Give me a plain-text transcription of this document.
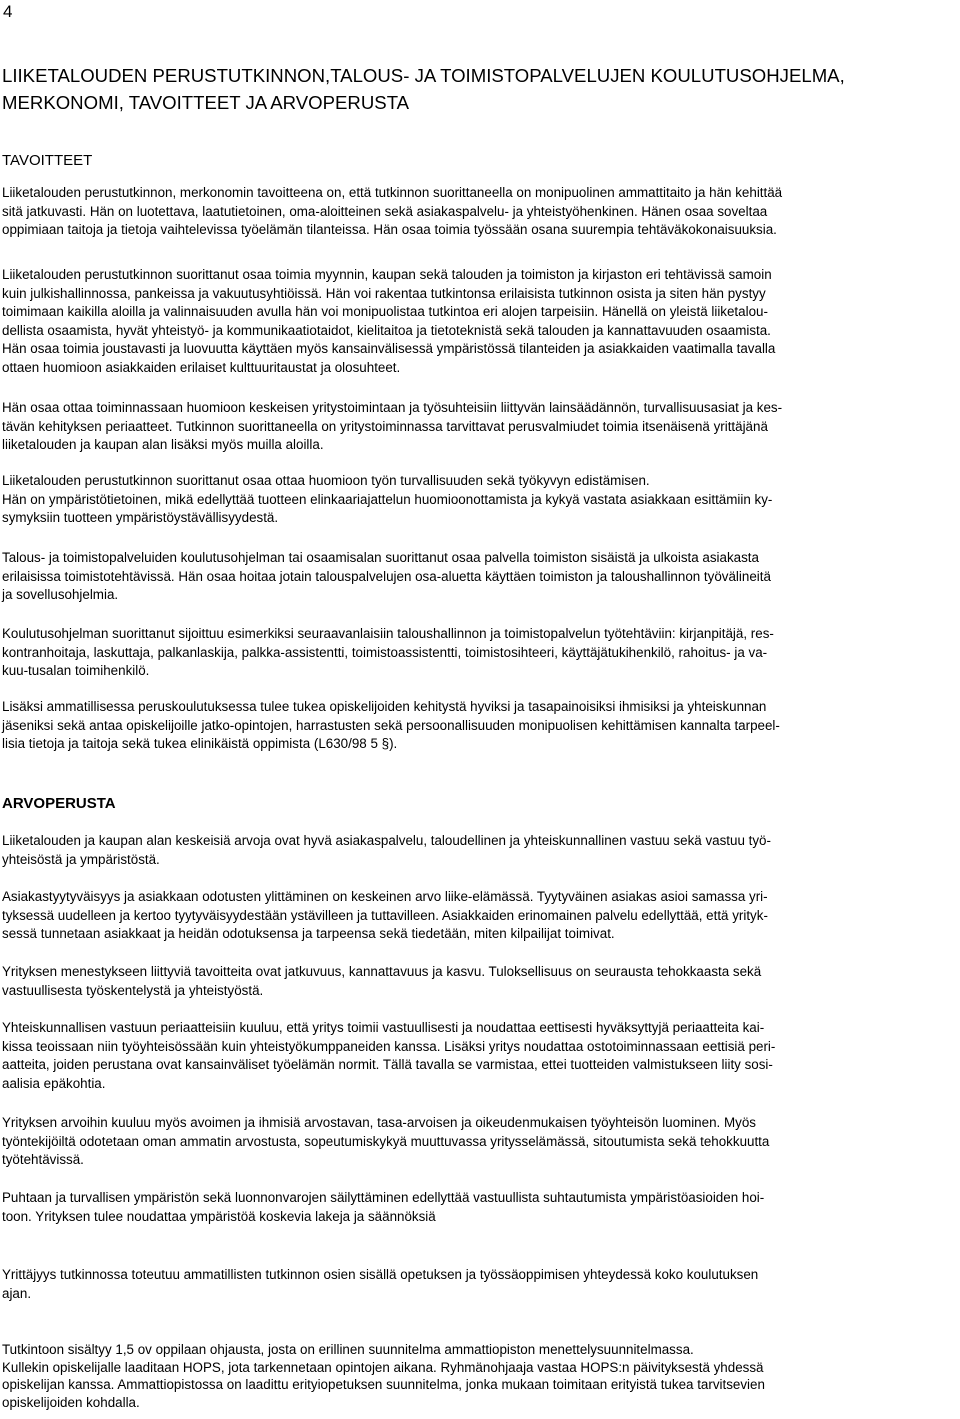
4
LIIKETALOUDEN PERUSTUTKINNON,TALOUS- JA TOIMISTOPALVELUJEN KOULUTUSOHJELMA,
MERKONOMI, TAVOITTEET JA ARVOPERUSTA
TAVOITTEET

Liiketalouden perustutkinnon, merkonomin tavoitteena on, että tutkinnon suorittaneella on monipuolinen ammattitaito ja hän kehittää
sitä jatkuvasti. Hän on luotettava, laatutietoinen, oma-aloitteinen sekä asiakaspalvelu- ja yhteistyöhenkinen. Hänen osaa soveltaa
oppimiaan taitoja ja tietoja vaihtelevissa työelämän tilanteissa. Hän osaa toimia työssään osana suurempia tehtäväkokonaisuuksia.

Liiketalouden perustutkinnon suorittanut osaa toimia myynnin, kaupan sekä talouden ja toimiston ja kirjaston eri tehtävissä samoin
kuin julkishallinnossa, pankeissa ja vakuutusyhtiöissä. Hän voi rakentaa tutkintonsa erilaisista tutkinnon osista ja siten hän pystyy
toimimaan kaikilla aloilla ja valinnaisuuden avulla hän voi monipuolistaa tutkintoa eri alojen tarpeisiin. Hänellä on yleistä liiketalou-
dellista osaamista, hyvät yhteistyö- ja kommunikaatiotaidot, kielitaitoa ja tietoteknistä sekä talouden ja kannattavuuden osaamista.
Hän osaa toimia joustavasti ja luovuutta käyttäen myös kansainvälisessä ympäristössä tilanteiden ja asiakkaiden vaatimalla tavalla
ottaen huomioon asiakkaiden erilaiset kulttuuritaustat ja olosuhteet.

Hän osaa ottaa toiminnassaan huomioon keskeisen yritystoimintaan ja työsuhteisiin liittyvän lainsäädännön, turvallisuusasiat ja kes-
tävän kehityksen periaatteet. Tutkinnon suorittaneella on yritystoiminnassa tarvittavat perusvalmiudet toimia itsenäisenä yrittäjänä
liiketalouden ja kaupan alan lisäksi myös muilla aloilla.

Liiketalouden perustutkinnon suorittanut osaa ottaa huomioon työn turvallisuuden sekä työkyvyn edistämisen.
Hän on ympäristötietoinen, mikä edellyttää tuotteen elinkaariajattelun huomioonottamista ja kykyä vastata asiakkaan esittämiin ky-
symyksiin tuotteen ympäristöystävällisyydestä.

Talous- ja toimistopalveluiden koulutusohjelman tai osaamisalan suorittanut osaa palvella toimiston sisäistä ja ulkoista asiakasta
erilaisissa toimistotehtävissä. Hän osaa hoitaa jotain talouspalvelujen osa-aluetta käyttäen toimiston ja taloushallinnon työvälineitä
ja sovellusohjelmia.

Koulutusohjelman suorittanut sijoittuu esimerkiksi seuraavanlaisiin taloushallinnon ja toimistopalvelun työtehtäviin: kirjanpitäjä, res-
kontranhoitaja, laskuttaja, palkanlaskija, palkka-assistentti, toimistoassistentti, toimistosihteeri, käyttäjätukihenkilö, rahoitus- ja va-
kuu-tusalan toimihenkilö.

Lisäksi ammatillisessa peruskoulutuksessa tulee tukea opiskelijoiden kehitystä hyviksi ja tasapainoisiksi ihmisiksi ja yhteiskunnan
jäseniksi sekä antaa opiskelijoille jatko-opintojen, harrastusten sekä persoonallisuuden monipuolisen kehittämisen kannalta tarpeel-
lisia tietoja ja taitoja sekä tukea elinikäistä oppimista (L630/98 5 §).

ARVOPERUSTA

Liiketalouden ja kaupan alan keskeisiä arvoja ovat hyvä asiakaspalvelu, taloudellinen ja yhteiskunnallinen vastuu sekä vastuu työ-
yhteisöstä ja ympäristöstä.

Asiakastyytyväisyys ja asiakkaan odotusten ylittäminen on keskeinen arvo liike-elämässä. Tyytyväinen asiakas asioi samassa yri-
tyksessä uudelleen ja kertoo tyytyväisyydestään ystävilleen ja tuttavilleen. Asiakkaiden erinomainen palvelu edellyttää, että yrityk-
sessä tunnetaan asiakkaat ja heidän odotuksensa ja tarpeensa sekä tiedetään, miten kilpailijat toimivat.

Yrityksen menestykseen liittyviä tavoitteita ovat jatkuvuus, kannattavuus ja kasvu. Tuloksellisuus on seurausta tehokkaasta sekä
vastuullisesta työskentelystä ja yhteistyöstä.

Yhteiskunnallisen vastuun periaatteisiin kuuluu, että yritys toimii vastuullisesti ja noudattaa eettisesti hyväksyttyjä periaatteita kai-
kissa teoissaan niin työyhteisössään kuin yhteistyökumppaneiden kanssa. Lisäksi yritys noudattaa ostotoiminnassaan eettisiä peri-
aatteita, joiden perustana ovat kansainväliset työelämän normit. Tällä tavalla se varmistaa, ettei tuotteiden valmistukseen liity sosi-
aalisia epäkohtia.

Yrityksen arvoihin kuuluu myös avoimen ja ihmisiä arvostavan, tasa-arvoisen ja oikeudenmukaisen työyhteisön luominen. Myös
työntekijöiltä odotetaan oman ammatin arvostusta, sopeutumiskykyä muuttuvassa yritysselämässä, sitoutumista sekä tehokkuutta
työtehtävissä.

Puhtaan ja turvallisen ympäristön sekä luonnonvarojen säilyttäminen edellyttää vastuullista suhtautumista ympäristöasioiden hoi-
toon. Yrityksen tulee noudattaa ympäristöä koskevia lakeja ja säännöksiä

Yrittäjyys tutkinnossa toteutuu ammatillisten tutkinnon osien sisällä opetuksen ja työssäoppimisen yhteydessä koko koulutuksen
ajan.

Tutkintoon sisältyy 1,5 ov oppilaan ohjausta, josta on erillinen suunnitelma ammattiopiston menettelysuunnitelmassa.
Kullekin opiskelijalle laaditaan HOPS, jota tarkennetaan opintojen aikana. Ryhmänohjaaja vastaa HOPS:n päivityksestä yhdessä
opiskelijan kanssa. Ammattiopistossa on laadittu erityiopetuksen suunnitelma, jonka mukaan toimitaan erityistä tukea tarvitsevien
opiskelijoiden kohdalla.
